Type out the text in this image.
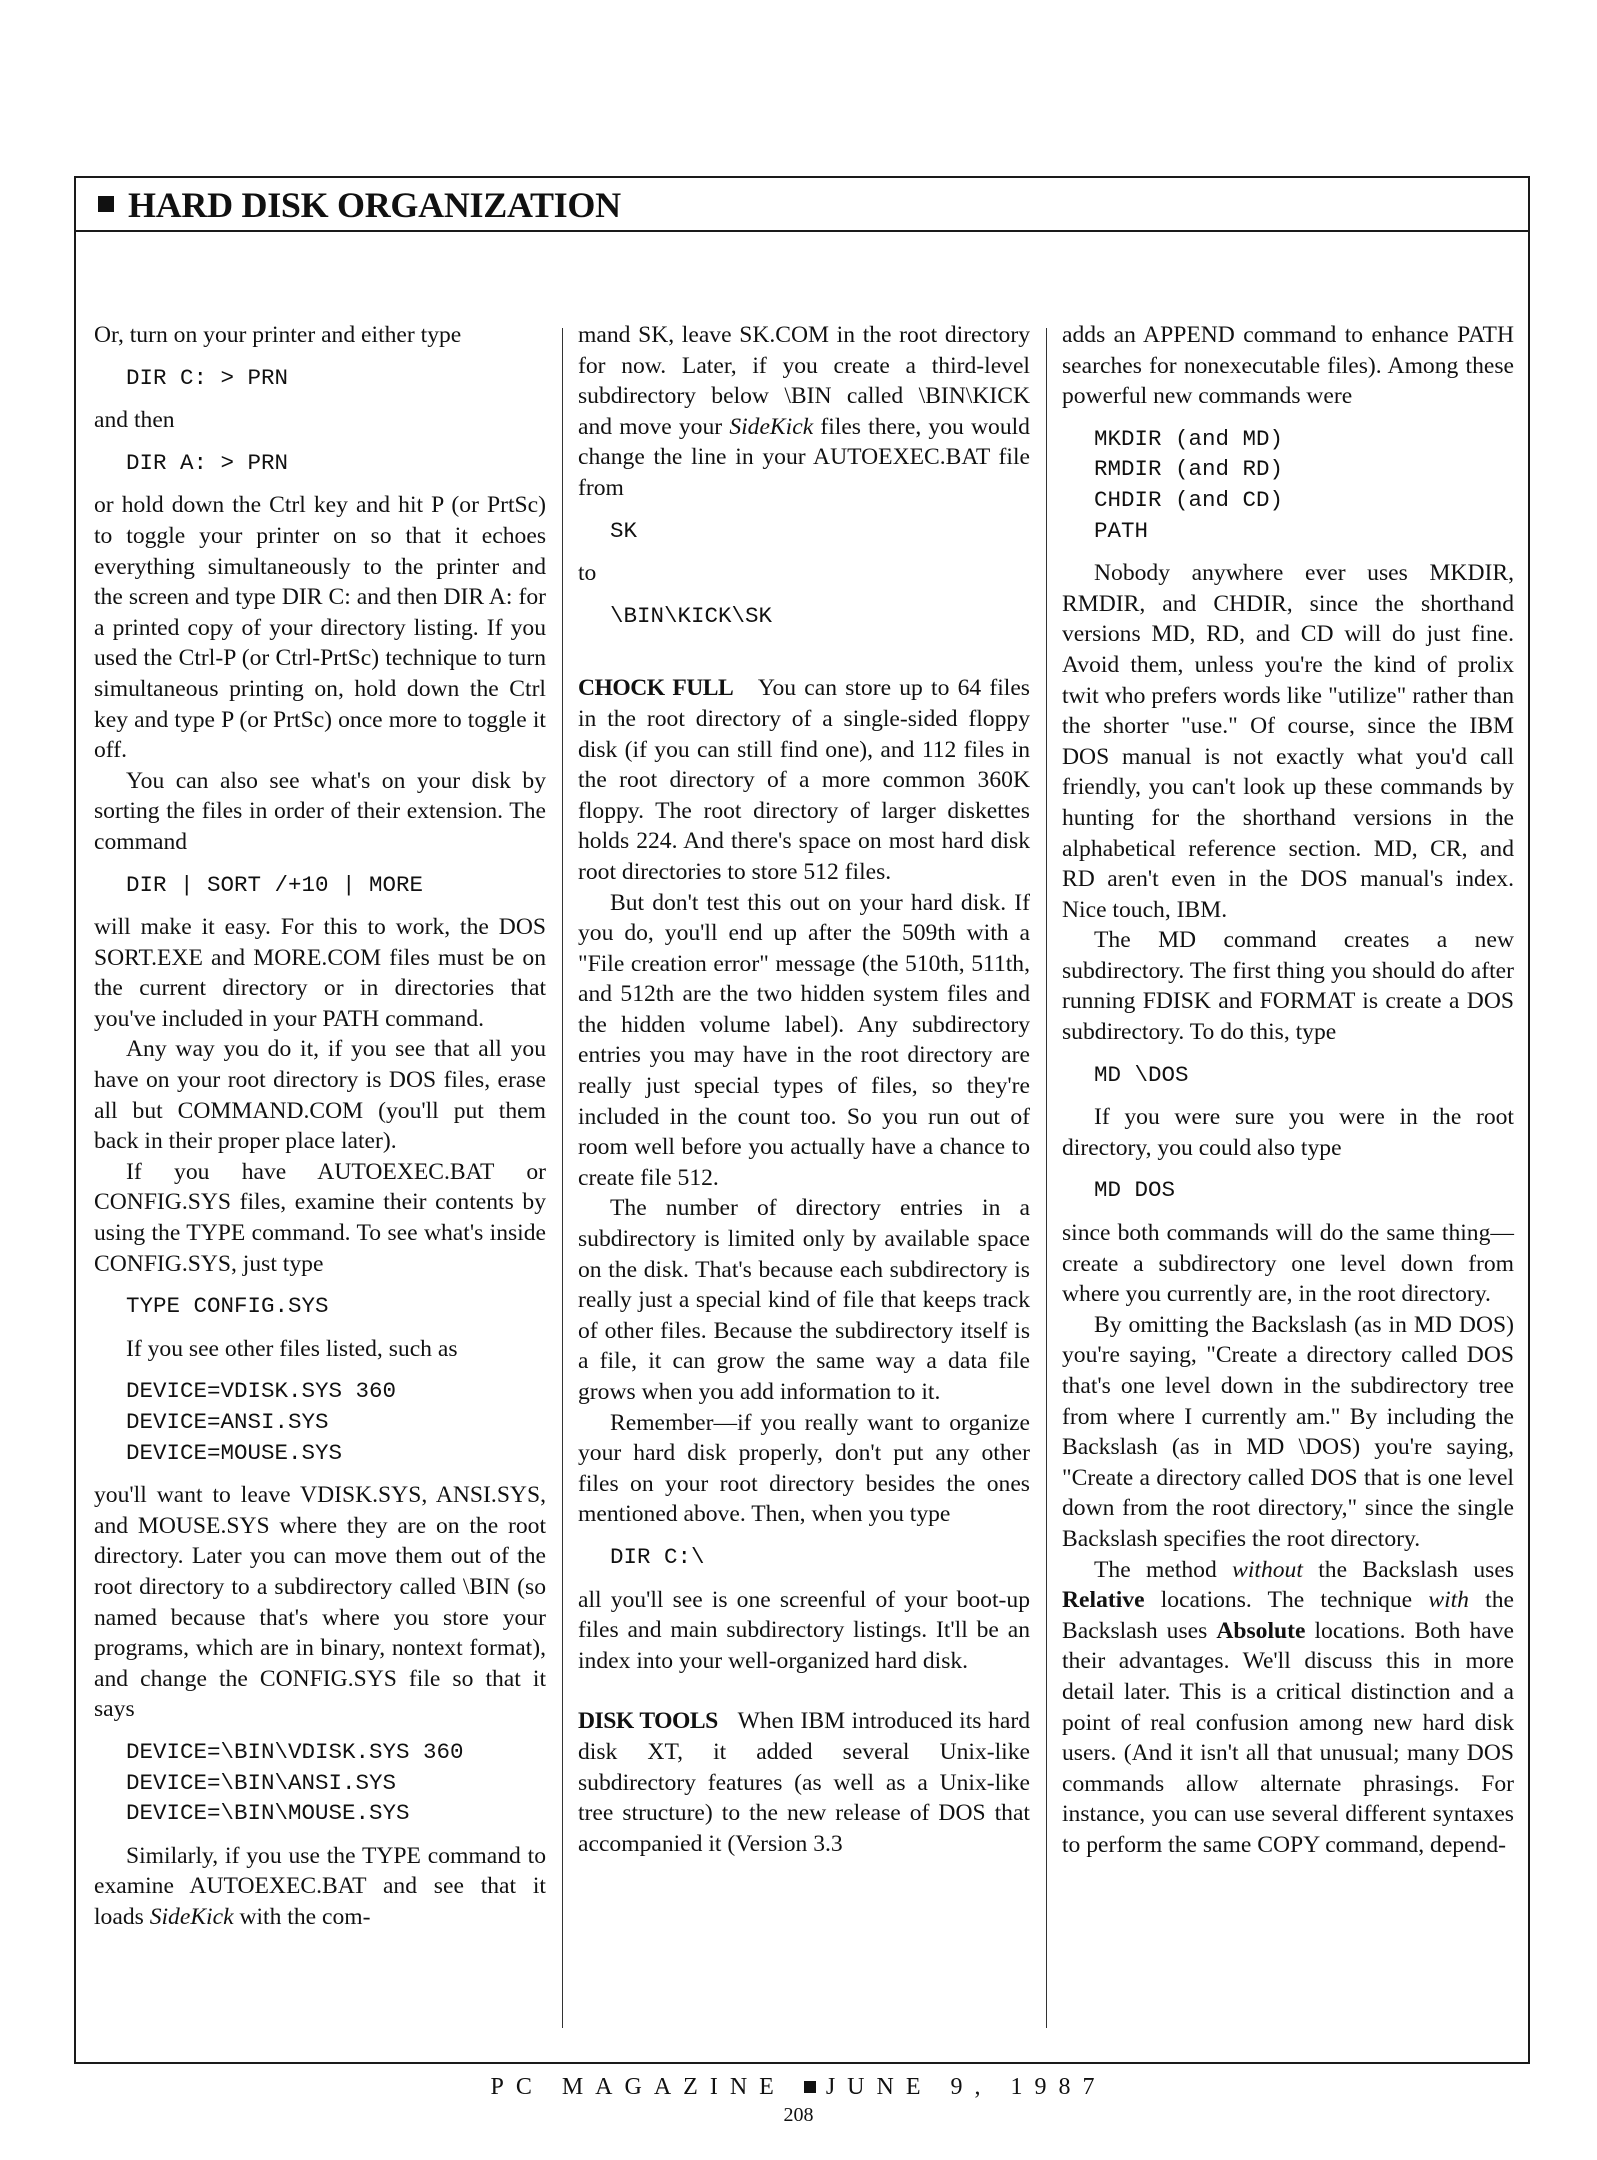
HARD DISK ORGANIZATION

Or, turn on your printer and either type

DIR C: > PRN

and then

DIR A: > PRN

or hold down the Ctrl key and hit P (or PrtSc) to toggle your printer on so that it echoes everything simultaneously to the printer and the screen and type DIR C: and then DIR A: for a printed copy of your directory listing. If you used the Ctrl-P (or Ctrl-PrtSc) technique to turn simultaneous printing on, hold down the Ctrl key and type P (or PrtSc) once more to toggle it off.

You can also see what's on your disk by sorting the files in order of their extension. The command

DIR | SORT /+10 | MORE

will make it easy. For this to work, the DOS SORT.EXE and MORE.COM files must be on the current directory or in directories that you've included in your PATH command.

Any way you do it, if you see that all you have on your root directory is DOS files, erase all but COMMAND.COM (you'll put them back in their proper place later).

If you have AUTOEXEC.BAT or CONFIG.SYS files, examine their contents by using the TYPE command. To see what's inside CONFIG.SYS, just type

TYPE CONFIG.SYS

If you see other files listed, such as

DEVICE=VDISK.SYS 360
DEVICE=ANSI.SYS
DEVICE=MOUSE.SYS

you'll want to leave VDISK.SYS, ANSI.SYS, and MOUSE.SYS where they are on the root directory. Later you can move them out of the root directory to a subdirectory called \BIN (so named because that's where you store your programs, which are in binary, nontext format), and change the CONFIG.SYS file so that it says

DEVICE=\BIN\VDISK.SYS 360
DEVICE=\BIN\ANSI.SYS
DEVICE=\BIN\MOUSE.SYS

Similarly, if you use the TYPE command to examine AUTOEXEC.BAT and see that it loads SideKick with the com-

mand SK, leave SK.COM in the root directory for now. Later, if you create a third-level subdirectory below \BIN called \BIN\KICK and move your SideKick files there, you would change the line in your AUTOEXEC.BAT file from

SK

to

\BIN\KICK\SK

CHOCK FULL You can store up to 64 files in the root directory of a single-sided floppy disk (if you can still find one), and 112 files in the root directory of a more common 360K floppy. The root directory of larger diskettes holds 224. And there's space on most hard disk root directories to store 512 files.

But don't test this out on your hard disk. If you do, you'll end up after the 509th with a "File creation error" message (the 510th, 511th, and 512th are the two hidden system files and the hidden volume label). Any subdirectory entries you may have in the root directory are really just special types of files, so they're included in the count too. So you run out of room well before you actually have a chance to create file 512.

The number of directory entries in a subdirectory is limited only by available space on the disk. That's because each subdirectory is really just a special kind of file that keeps track of other files. Because the subdirectory itself is a file, it can grow the same way a data file grows when you add information to it.

Remember—if you really want to organize your hard disk properly, don't put any other files on your root directory besides the ones mentioned above. Then, when you type

DIR C:\

all you'll see is one screenful of your boot-up files and main subdirectory listings. It'll be an index into your well-organized hard disk.

DISK TOOLS When IBM introduced its hard disk XT, it added several Unix-like subdirectory features (as well as a Unix-like tree structure) to the new release of DOS that accompanied it (Version 3.3

adds an APPEND command to enhance PATH searches for nonexecutable files). Among these powerful new commands were

MKDIR (and MD)
RMDIR (and RD)
CHDIR (and CD)
PATH

Nobody anywhere ever uses MKDIR, RMDIR, and CHDIR, since the shorthand versions MD, RD, and CD will do just fine. Avoid them, unless you're the kind of prolix twit who prefers words like "utilize" rather than the shorter "use." Of course, since the IBM DOS manual is not exactly what you'd call friendly, you can't look up these commands by hunting for the shorthand versions in the alphabetical reference section. MD, CR, and RD aren't even in the DOS manual's index. Nice touch, IBM.

The MD command creates a new subdirectory. The first thing you should do after running FDISK and FORMAT is create a DOS subdirectory. To do this, type

MD \DOS

If you were sure you were in the root directory, you could also type

MD DOS

since both commands will do the same thing—create a subdirectory one level down from where you currently are, in the root directory.

By omitting the Backslash (as in MD DOS) you're saying, "Create a directory called DOS that's one level down in the subdirectory tree from where I currently am." By including the Backslash (as in MD \DOS) you're saying, "Create a directory called DOS that is one level down from the root directory," since the single Backslash specifies the root directory.

The method without the Backslash uses Relative locations. The technique with the Backslash uses Absolute locations. Both have their advantages. We'll discuss this in more detail later. This is a critical distinction and a point of real confusion among new hard disk users. (And it isn't all that unusual; many DOS commands allow alternate phrasings. For instance, you can use several different syntaxes to perform the same COPY command, depend-

PC MAGAZINE JUNE 9, 1987
208
